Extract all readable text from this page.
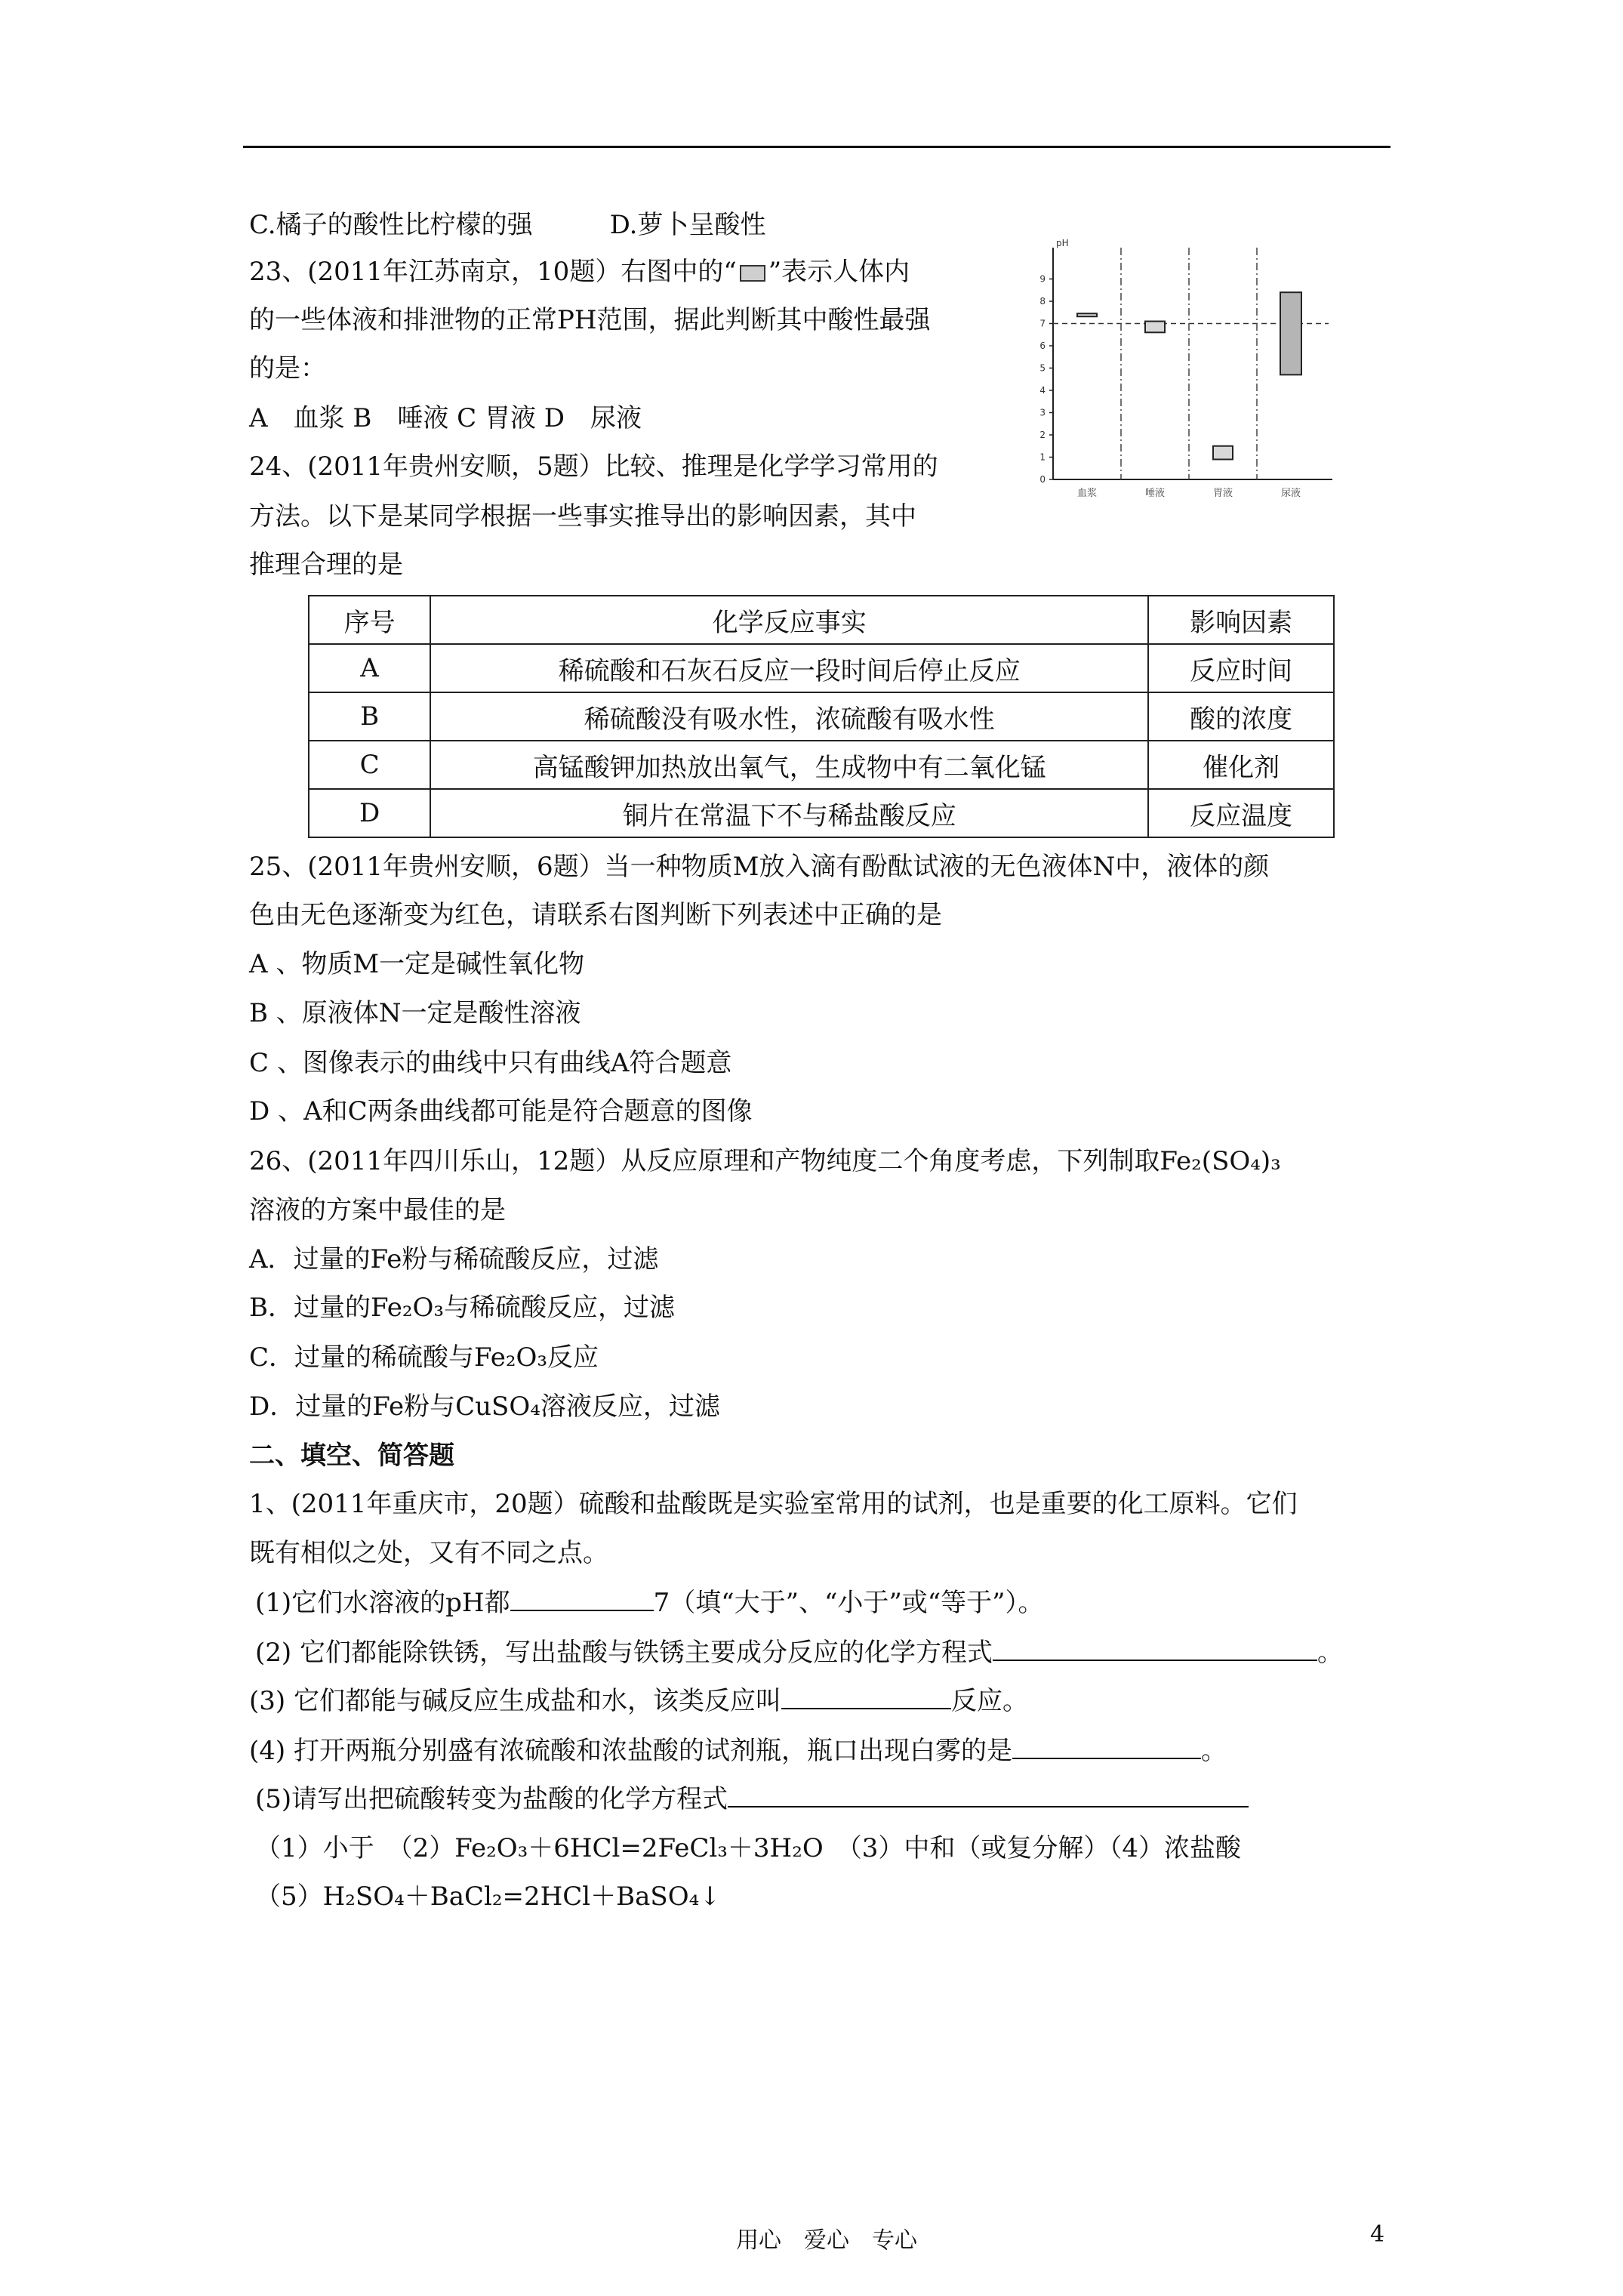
C.橘子的酸性比柠檬的强　　　D.萝卜呈酸性
23、(2011年江苏南京，10题）右图中的“ ”表示人体内
的一些体液和排泄物的正常PH范围，据此判断其中酸性最强
的是：
A　血浆 B　唾液 C 胃液 D　尿液
24、(2011年贵州安顺，5题）比较、推理是化学学习常用的
方法。以下是某同学根据一些事实推导出的影响因素，其中
推理合理的是
pH
0
1
2
3
4
5
6
7
8
9
血浆	唾液	胃液	尿液
序号	化学反应事实	影响因素
A	稀硫酸和石灰石反应一段时间后停止反应	反应时间
B	稀硫酸没有吸水性，浓硫酸有吸水性	酸的浓度
C	高锰酸钾加热放出氧气，生成物中有二氧化锰	催化剂
D	铜片在常温下不与稀盐酸反应	反应温度
25、(2011年贵州安顺，6题）当一种物质M放入滴有酚酞试液的无色液体N中，液体的颜
色由无色逐渐变为红色，请联系右图判断下列表述中正确的是
A 、物质M一定是碱性氧化物
B 、原液体N一定是酸性溶液
C 、图像表示的曲线中只有曲线A符合题意
D 、A和C两条曲线都可能是符合题意的图像
26、(2011年四川乐山，12题）从反应原理和产物纯度二个角度考虑，下列制取Fe₂(SO₄)₃
溶液的方案中最佳的是
A．过量的Fe粉与稀硫酸反应，过滤
B．过量的Fe₂O₃与稀硫酸反应，过滤
C．过量的稀硫酸与Fe₂O₃反应
D．过量的Fe粉与CuSO₄溶液反应，过滤
二、填空、简答题
1、(2011年重庆市，20题）硫酸和盐酸既是实验室常用的试剂，也是重要的化工原料。它们
既有相似之处，又有不同之点。
(1)它们水溶液的pH都	7（填“大于”、“小于”或“等于”）。
(2) 它们都能除铁锈，写出盐酸与铁锈主要成分反应的化学方程式	。
(3) 它们都能与碱反应生成盐和水，该类反应叫	反应。
(4) 打开两瓶分别盛有浓硫酸和浓盐酸的试剂瓶，瓶口出现白雾的是	。
(5)请写出把硫酸转变为盐酸的化学方程式
（1）小于　（2）Fe₂O₃＋6HCl=2FeCl₃＋3H₂O　（3）中和（或复分解）（4）浓盐酸
（5）H₂SO₄＋BaCl₂=2HCl＋BaSO₄↓
用心　爱心　专心	4
